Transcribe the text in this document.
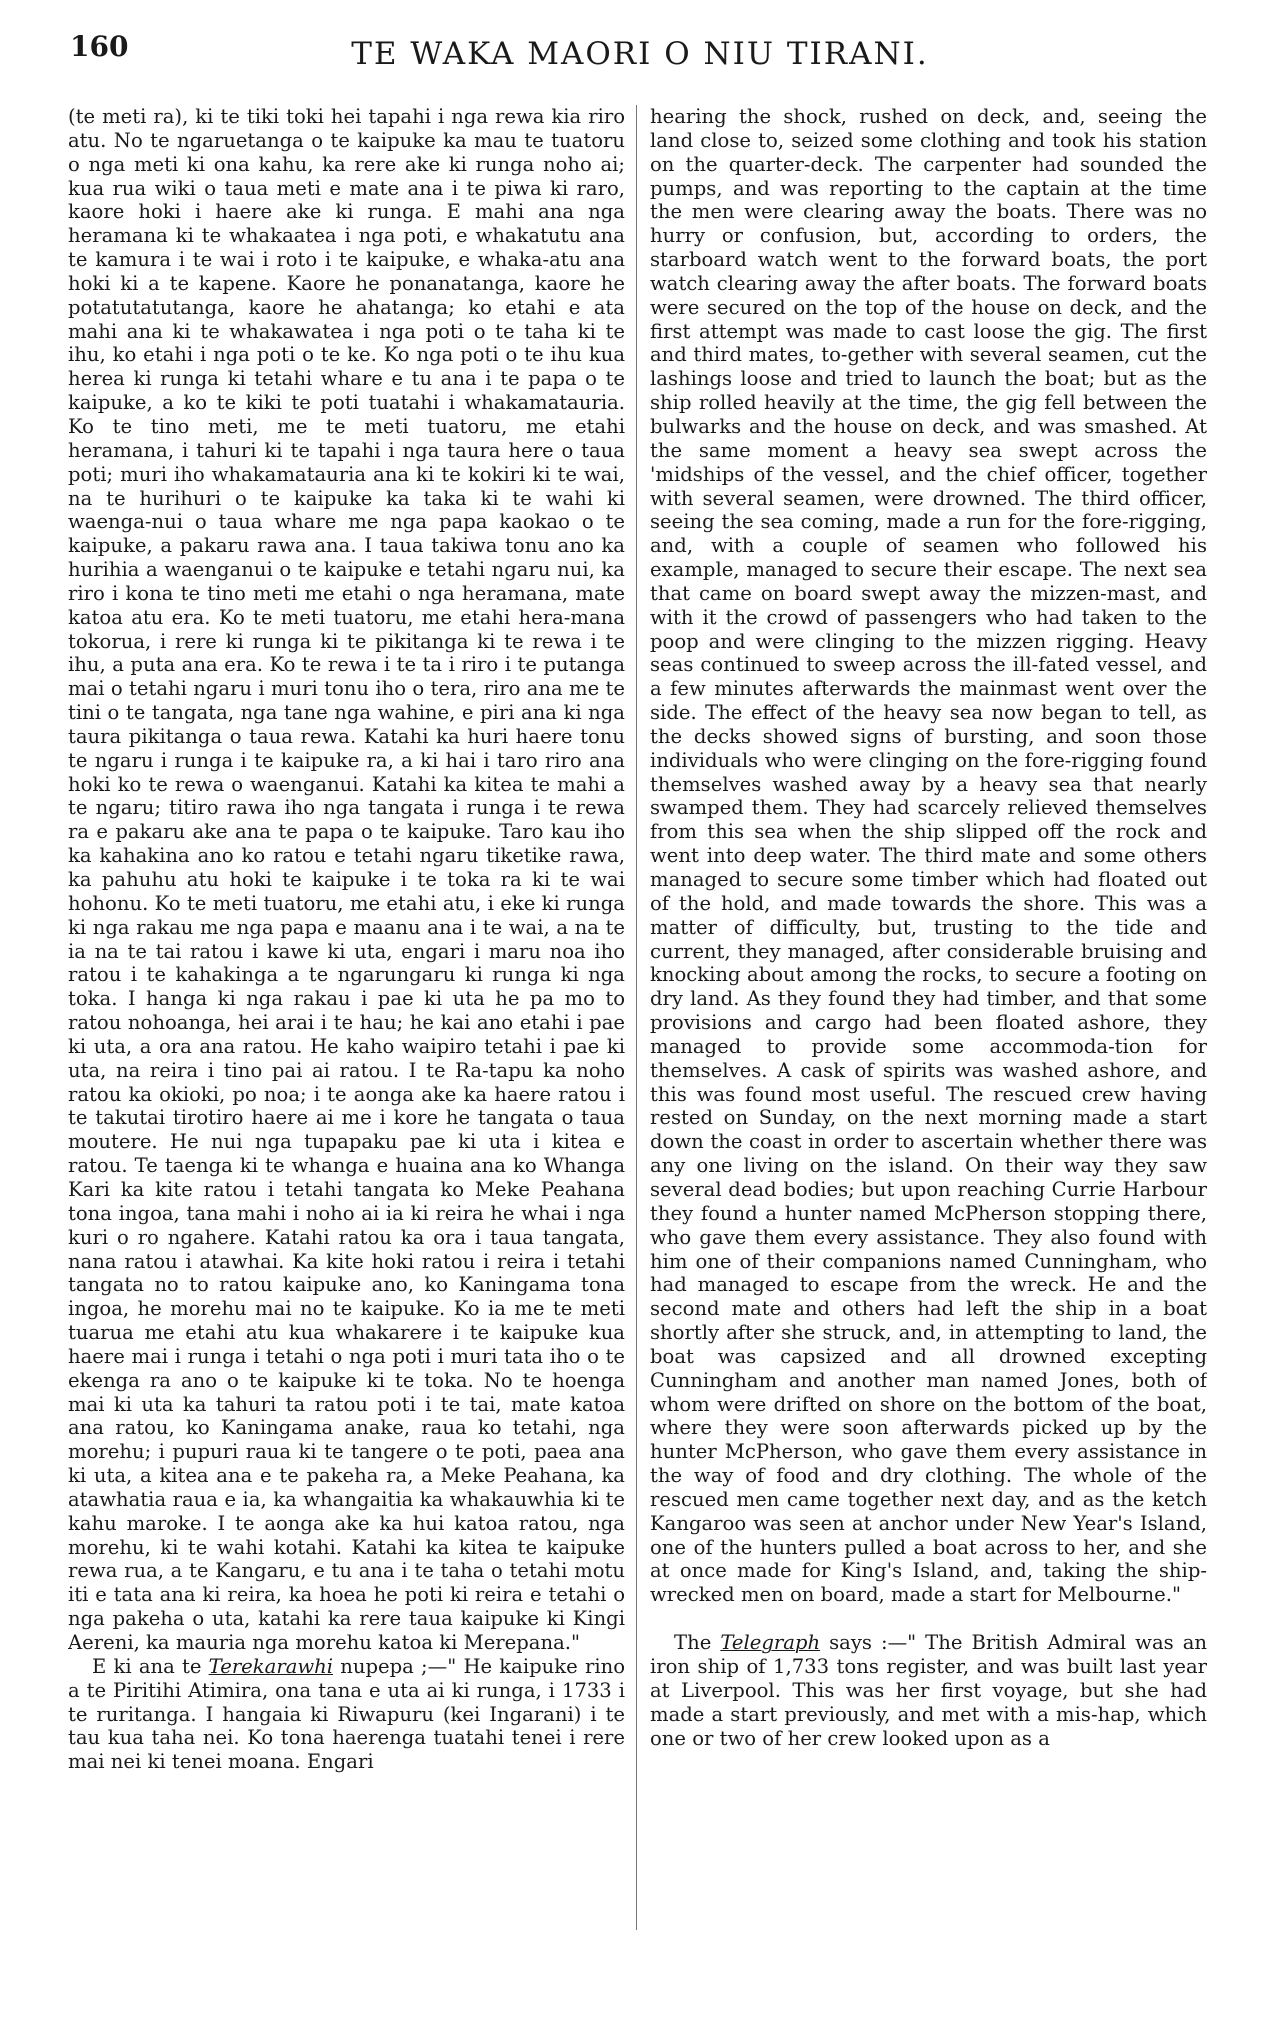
160	TE WAKA MAORI O NIU TIRANI.

(te meti ra), ki te tiki toki hei tapahi i nga rewa kia riro atu. No te ngaruetanga o te kaipuke ka mau te tuatoru o nga meti ki ona kahu, ka rere ake ki runga noho ai; kua rua wiki o taua meti e mate ana i te piwa ki raro, kaore hoki i haere ake ki runga. E mahi ana nga heramana ki te whakaatea i nga poti, e whakatutu ana te kamura i te wai i roto i te kaipuke, e whaka-atu ana hoki ki a te kapene. Kaore he ponanatanga, kaore he potatutatutanga, kaore he ahatanga; ko etahi e ata mahi ana ki te whakawatea i nga poti o te taha ki te ihu, ko etahi i nga poti o te ke. Ko nga poti o te ihu kua herea ki runga ki tetahi whare e tu ana i te papa o te kaipuke, a ko te kiki te poti tuatahi i whakamatauria. Ko te tino meti, me te meti tuatoru, me etahi heramana, i tahuri ki te tapahi i nga taura here o taua poti; muri iho whakamatauria ana ki te kokiri ki te wai, na te hurihuri o te kaipuke ka taka ki te wahi ki waenga-nui o taua whare me nga papa kaokao o te kaipuke, a pakaru rawa ana. I taua takiwa tonu ano ka hurihia a waenganui o te kaipuke e tetahi ngaru nui, ka riro i kona te tino meti me etahi o nga heramana, mate katoa atu era. Ko te meti tuatoru, me etahi hera-mana tokorua, i rere ki runga ki te pikitanga ki te rewa i te ihu, a puta ana era. Ko te rewa i te ta i riro i te putanga mai o tetahi ngaru i muri tonu iho o tera, riro ana me te tini o te tangata, nga tane nga wahine, e piri ana ki nga taura pikitanga o taua rewa. Katahi ka huri haere tonu te ngaru i runga i te kaipuke ra, a ki hai i taro riro ana hoki ko te rewa o waenganui. Katahi ka kitea te mahi a te ngaru; titiro rawa iho nga tangata i runga i te rewa ra e pakaru ake ana te papa o te kaipuke. Taro kau iho ka kahakina ano ko ratou e tetahi ngaru tiketike rawa, ka pahuhu atu hoki te kaipuke i te toka ra ki te wai hohonu. Ko te meti tuatoru, me etahi atu, i eke ki runga ki nga rakau me nga papa e maanu ana i te wai, a na te ia na te tai ratou i kawe ki uta, engari i maru noa iho ratou i te kahakinga a te ngarungaru ki runga ki nga toka. I hanga ki nga rakau i pae ki uta he pa mo to ratou nohoanga, hei arai i te hau; he kai ano etahi i pae ki uta, a ora ana ratou. He kaho waipiro tetahi i pae ki uta, na reira i tino pai ai ratou. I te Ra-tapu ka noho ratou ka okioki, po noa; i te aonga ake ka haere ratou i te takutai tirotiro haere ai me i kore he tangata o taua moutere. He nui nga tupapaku pae ki uta i kitea e ratou. Te taenga ki te whanga e huaina ana ko Whanga Kari ka kite ratou i tetahi tangata ko Meke Peahana tona ingoa, tana mahi i noho ai ia ki reira he whai i nga kuri o ro ngahere. Katahi ratou ka ora i taua tangata, nana ratou i atawhai. Ka kite hoki ratou i reira i tetahi tangata no to ratou kaipuke ano, ko Kaningama tona ingoa, he morehu mai no te kaipuke. Ko ia me te meti tuarua me etahi atu kua whakarere i te kaipuke kua haere mai i runga i tetahi o nga poti i muri tata iho o te ekenga ra ano o te kaipuke ki te toka. No te hoenga mai ki uta ka tahuri ta ratou poti i te tai, mate katoa ana ratou, ko Kaningama anake, raua ko tetahi, nga morehu; i pupuri raua ki te tangere o te poti, paea ana ki uta, a kitea ana e te pakeha ra, a Meke Peahana, ka atawhatia raua e ia, ka whangaitia ka whakauwhia ki te kahu maroke. I te aonga ake ka hui katoa ratou, nga morehu, ki te wahi kotahi. Katahi ka kitea te kaipuke rewa rua, a te Kangaru, e tu ana i te taha o tetahi motu iti e tata ana ki reira, ka hoea he poti ki reira e tetahi o nga pakeha o uta, katahi ka rere taua kaipuke ki Kingi Aereni, ka mauria nga morehu katoa ki Merepana."

E ki ana te Terekarawhi nupepa ;—" He kaipuke rino a te Piritihi Atimira, ona tana e uta ai ki runga, i 1733 i te ruritanga. I hangaia ki Riwapuru (kei Ingarani) i te tau kua taha nei. Ko tona haerenga tuatahi tenei i rere mai nei ki tenei moana. Engari

hearing the shock, rushed on deck, and, seeing the land close to, seized some clothing and took his station on the quarter-deck. The carpenter had sounded the pumps, and was reporting to the captain at the time the men were clearing away the boats. There was no hurry or confusion, but, according to orders, the starboard watch went to the forward boats, the port watch clearing away the after boats. The forward boats were secured on the top of the house on deck, and the first attempt was made to cast loose the gig. The first and third mates, to-gether with several seamen, cut the lashings loose and tried to launch the boat; but as the ship rolled heavily at the time, the gig fell between the bulwarks and the house on deck, and was smashed. At the same moment a heavy sea swept across the 'midships of the vessel, and the chief officer, together with several seamen, were drowned. The third officer, seeing the sea coming, made a run for the fore-rigging, and, with a couple of seamen who followed his example, managed to secure their escape. The next sea that came on board swept away the mizzen-mast, and with it the crowd of passengers who had taken to the poop and were clinging to the mizzen rigging. Heavy seas continued to sweep across the ill-fated vessel, and a few minutes afterwards the mainmast went over the side. The effect of the heavy sea now began to tell, as the decks showed signs of bursting, and soon those individuals who were clinging on the fore-rigging found themselves washed away by a heavy sea that nearly swamped them. They had scarcely relieved themselves from this sea when the ship slipped off the rock and went into deep water. The third mate and some others managed to secure some timber which had floated out of the hold, and made towards the shore. This was a matter of difficulty, but, trusting to the tide and current, they managed, after considerable bruising and knocking about among the rocks, to secure a footing on dry land. As they found they had timber, and that some provisions and cargo had been floated ashore, they managed to provide some accommoda-tion for themselves. A cask of spirits was washed ashore, and this was found most useful. The rescued crew having rested on Sunday, on the next morning made a start down the coast in order to ascertain whether there was any one living on the island. On their way they saw several dead bodies; but upon reaching Currie Harbour they found a hunter named McPherson stopping there, who gave them every assistance. They also found with him one of their companions named Cunningham, who had managed to escape from the wreck. He and the second mate and others had left the ship in a boat shortly after she struck, and, in attempting to land, the boat was capsized and all drowned excepting Cunningham and another man named Jones, both of whom were drifted on shore on the bottom of the boat, where they were soon afterwards picked up by the hunter McPherson, who gave them every assistance in the way of food and dry clothing. The whole of the rescued men came together next day, and as the ketch Kangaroo was seen at anchor under New Year's Island, one of the hunters pulled a boat across to her, and she at once made for King's Island, and, taking the ship-wrecked men on board, made a start for Melbourne."

The Telegraph says :—" The British Admiral was an iron ship of 1,733 tons register, and was built last year at Liverpool. This was her first voyage, but she had made a start previously, and met with a mis-hap, which one or two of her crew looked upon as a
